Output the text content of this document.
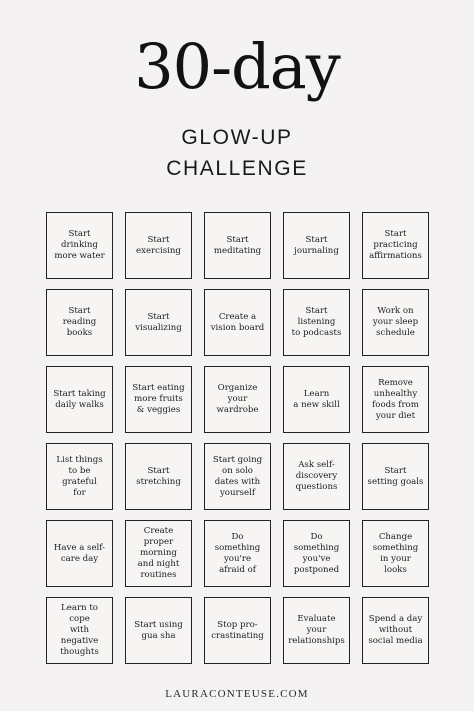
30-day
GLOW-UP
CHALLENGE
Start
drinking
more water
Start
exercising
Start
meditating
Start
journaling
Start
practicing
affirmations
Start
reading
books
Start
visualizing
Create a
vision board
Start
listening
to podcasts
Work on
your sleep
schedule
Start taking
daily walks
Start eating
more fruits
& veggies
Organize
your
wardrobe
Learn
a new skill
Remove
unhealthy
foods from
your diet
List things
to be grateful
for
Start
stretching
Start going
on solo
dates with
yourself
Ask self-
discovery
questions
Start
setting goals
Have a self-
care day
Create
proper
morning
and night
routines
Do
something
you're
afraid of
Do something
you've
postponed
Change
something
in your
looks
Learn to cope
with negative
thoughts
Start using
gua sha
Stop pro-
crastinating
Evaluate
your
relationships
Spend a day
without
social media
LAURACONTEUSE.COM
